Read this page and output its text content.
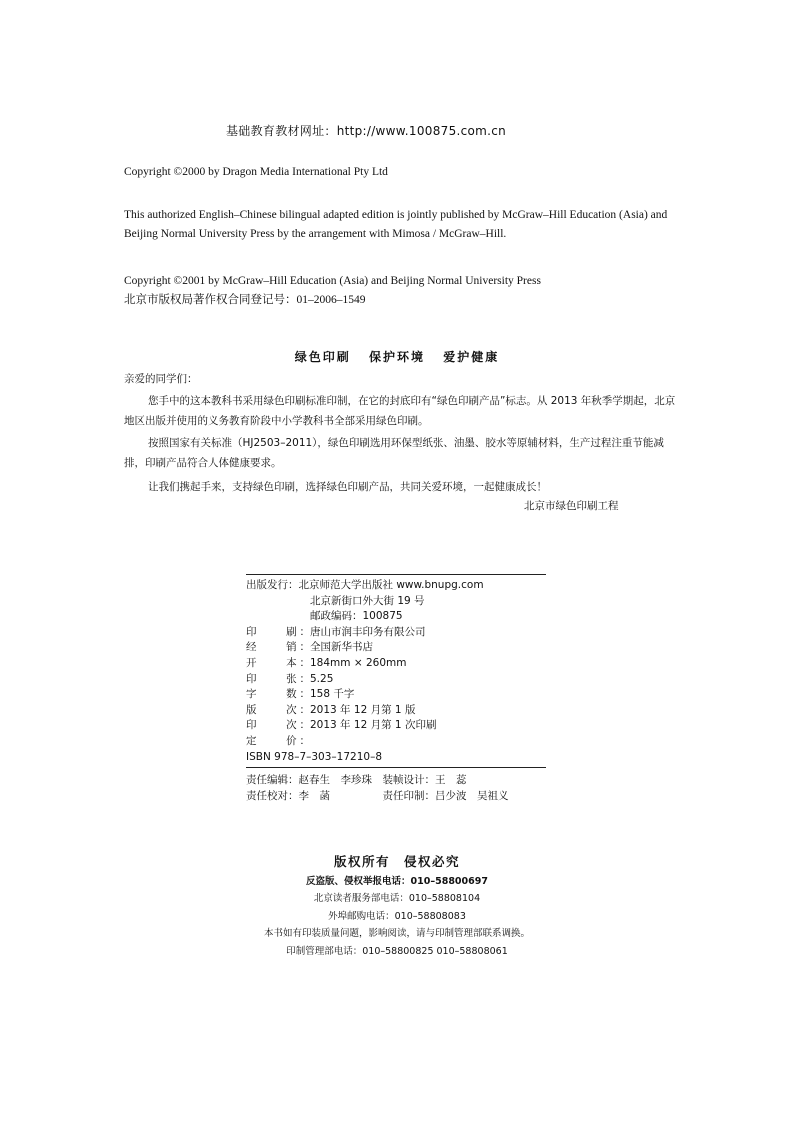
基础教育教材网址：http://www.100875.com.cn
Copyright ©2000 by Dragon Media International Pty Ltd
This authorized English–Chinese bilingual adapted edition is jointly published by McGraw–Hill Education (Asia) and Beijing Normal University Press by the arrangement with Mimosa / McGraw–Hill.
Copyright ©2001 by McGraw–Hill Education (Asia) and Beijing Normal University Press
北京市版权局著作权合同登记号：01–2006–1549
绿色印刷 保护环境 爱护健康
亲爱的同学们：
您手中的这本教科书采用绿色印刷标准印制，在它的封底印有“绿色印刷产品”标志。从 2013 年秋季学期起，北京地区出版并使用的义务教育阶段中小学教科书全部采用绿色印刷。
按照国家有关标准（HJ2503–2011），绿色印刷选用环保型纸张、油墨、胶水等原辅材料，生产过程注重节能减排，印刷产品符合人体健康要求。
让我们携起手来，支持绿色印刷，选择绿色印刷产品，共同关爱环境，一起健康成长！
北京市绿色印刷工程
出版发行： 北京师范大学出版社 www.bnupg.com
北京新街口外大街 19 号
邮政编码：100875
印　　刷： 唐山市润丰印务有限公司
经　　销： 全国新华书店
开　　本： 184mm × 260mm
印　　张： 5.25
字　　数： 158 千字
版　　次： 2013 年 12 月第 1 版
印　　次： 2013 年 12 月第 1 次印刷
定　　价：
ISBN 978–7–303–17210–8
责任编辑：赵春生　李珍珠　装帧设计：王　蕊
责任校对：李　菡　　　　　责任印制：吕少波　吴祖义
版权所有　侵权必究
反盗版、侵权举报电话：010–58800697
北京读者服务部电话：010–58808104
外埠邮购电话：010–58808083
本书如有印装质量问题，影响阅读，请与印制管理部联系调换。
印制管理部电话：010–58800825 010–58808061
